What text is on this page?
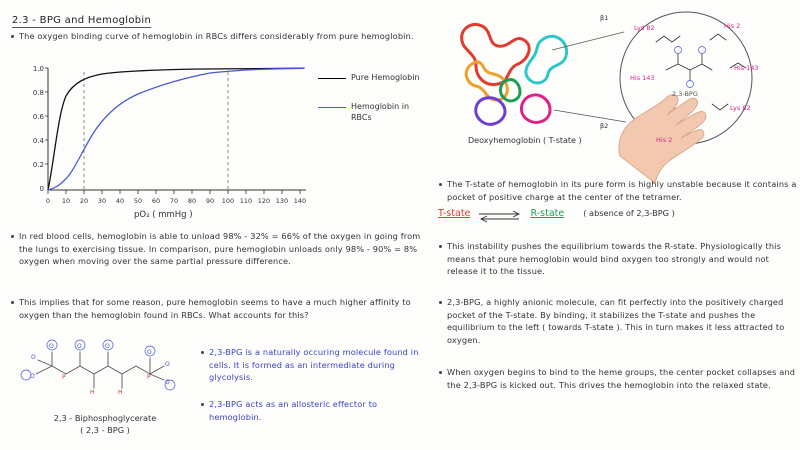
2.3 - BPG and Hemoglobin
The oxygen binding curve of hemoglobin in RBCs differs considerably from pure hemoglobin.
1.0
0.8
0.6
0.4
0.2
0
0 10 20 30 40 50 60 70 80 90 100 110 120 130 140
pO₂ ( mmHg )
Pure Hemoglobin
Hemoglobin in RBCs
In red blood cells, hemoglobin is able to unload 98% - 32% = 66% of the oxygen in going from the lungs to exercising tissue. In comparison, pure hemoglobin unloads only 98% - 90% = 8% oxygen when moving over the same partial pressure difference.
This implies that for some reason, pure hemoglobin seems to have a much higher affinity to oxygen than the hemoglobin found in RBCs. What accounts for this?
O
O
O
O
O
O
O
O
P	P
H	H
2,3 - Biphosphoglycerate
( 2,3 - BPG )
2,3-BPG is a naturally occuring molecule found in cells. It is formed as an intermediate during glycolysis.
2,3-BPG acts as an allosteric effector to hemoglobin.
Lys 82	His 2
His 143
Lys 82
His 2
His 143
2,3-BPG
β1
β2
Deoxyhemoglobin ( T-state )
The T-state of hemoglobin in its pure form is highly unstable because it contains a pocket of positive charge at the center of the tetramer.
T-state	R-state ( absence of 2,3-BPG )
This instability pushes the equilibrium towards the R-state. Physiologically this means that pure hemoglobin would bind oxygen too strongly and would not release it to the tissue.
2,3-BPG, a highly anionic molecule, can fit perfectly into the positively charged pocket of the T-state. By binding, it stabilizes the T-state and pushes the equilibrium to the left ( towards T-state ). This in turn makes it less attracted to oxygen.
When oxygen begins to bind to the heme groups, the center pocket collapses and the 2,3-BPG is kicked out. This drives the hemoglobin into the relaxed state.
